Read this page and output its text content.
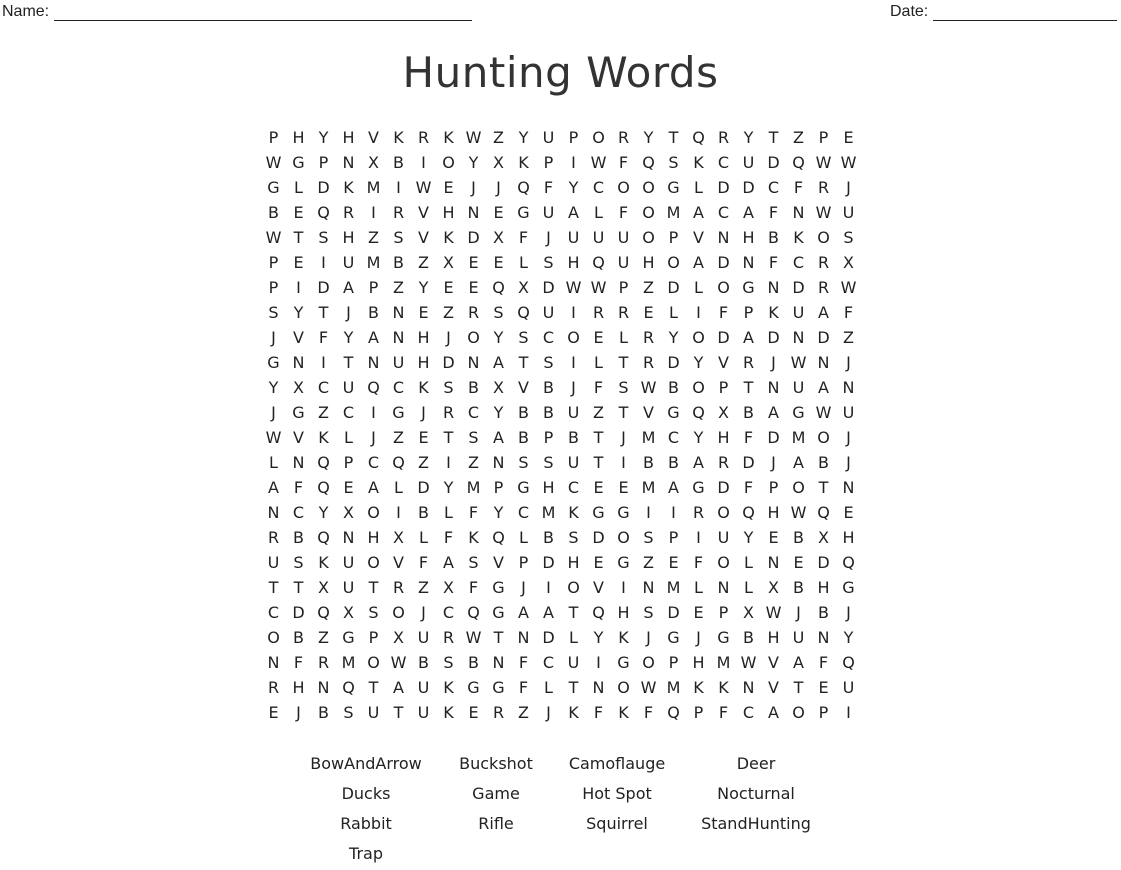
Name:	Date:
Hunting Words
P H Y H V K R K W Z Y U P O R Y T Q R Y T Z P E
W G P N X B	I	O Y X K P	I W F Q S K C U D Q W W
G L D K M I W E	J	J	Q F Y C O O G L D D C F R	J
B E Q R	I	R V H N E G U A L F O M A C A F N W U
W T S H Z S V K D X F	J	U U U O P V N H B K O S
P E	I	U M B Z X E E L S H Q U H O A D N F C R X
P	I	D A P Z Y E E Q X D W W P Z D L O G N D R W
S Y T	J	B N E Z R S Q U	I	R R E L	I	F P K U A F
J	V F Y A N H	J	O Y S C O E L R Y O D A D N D Z
G N	I	T N U H D N A T S	I	L T R D Y V R	J W N	J
Y X C U Q C K S B X V B	J	F S W B O P T N U A N
J	G Z C	I	G	J	R C Y B B U Z T V G Q X B A G W U
W V K L	J	Z E T S A B P B T	J M C Y H F D M O	J
L N Q P C Q Z	I	Z N S S U T	I	B B A R D	J	A B	J
A F Q E A L D Y M P G H C E E M A G D F P O T N
N C Y X O	I	B L F Y C M K G G	I	I	R O Q H W Q E
R B Q N H X L F K Q L B S D O S P	I	U Y E B X H
U S K U O V F A S V P D H E G Z E F O L N E D Q
T T X U T R Z X F G	J	I	O V	I	N M L N L X B H G
C D Q X S O	J	C Q G A A T Q H S D E P X W J	B	J
O B Z G P X U R W T N D L Y K	J	G	J	G B H U N Y
N F R M O W B S B N F C U	I	G O P H M W V A F Q
R H N Q T A U K G G F L T N O W M K K N V T E U
E	J	B S U T U K E R Z	J	K F K F Q P F C A O P	I
BowAndArrow	Buckshot	Camoflauge	Deer
Ducks	Game	Hot Spot	Nocturnal
Rabbit	Rifle	Squirrel	StandHunting
Trap
